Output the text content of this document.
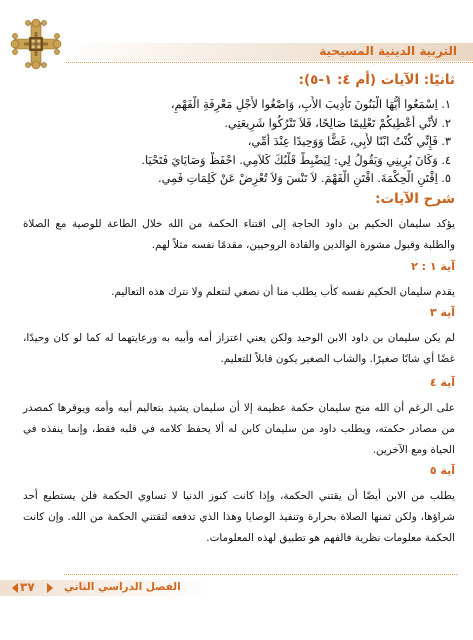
التربية الدينية المسيحية
ثانيًا: الآيات (أم ٤: ١-٥):
١. اِسْمَعُوا أَيُّهَا الْبَنُونَ تَأْدِيبَ الأَبِ، وَاصْغُوا لأَجْلِ مَعْرِفَةِ الْفَهْمِ،
٢. لأَنِّي أُعْطِيكُمْ تَعْلِيمًا صَالِحًا، فَلاَ تَتْرُكُوا شَرِيعَتِي.
٣. فَإِنِّي كُنْتُ ابْنًا لأَبِي، غَضًّا وَوَحِيدًا عِنْدَ أُمِّي،
٤. وَكَانَ يُرِينِي وَيَقُولُ لِي: لِيَضْبِطْ قَلْبُكَ كَلاَمِي. احْفَظْ وَصَايَايَ فَتَحْيَا.
٥. اِقْتَنِ الْحِكْمَةَ. اقْتَنِ الْفَهْمَ. لاَ تَنْسَ وَلاَ تُعْرِضْ عَنْ كَلِمَاتِ فَمِي.
شرح الآيات:
يؤكد سليمان الحكيم بن داود الحاجة إلى اقتناء الحكمة من الله خلال الطاعة للوصية مع الصلاة والطلبة وقبول مشورة الوالدين والقادة الروحيين، مقدمًا نفسه مثلاً لهم.
آية ١ : ٢
يقدم سليمان الحكيم نفسه كأب يطلب منا أن نصغي لنتعلم ولا نترك هذه التعاليم.
آية ٣
لم يكن سليمان بن داود الابن الوحيد ولكن يعني اعتزاز أمه وأبيه به ورعايتهما له كما لو كان وحيدًا، غضًا أي شابًا صغيرًا. والشاب الصغير يكون قابلاً للتعليم.
آية ٤
على الرغم أن الله منح سليمان حكمة عظيمة إلا أن سليمان يشيد بتعاليم أبيه وأمه ويوقرها كمصدر من مصادر حكمته، ويطلب داود من سليمان كابن له ألا يحفظ كلامه في قلبه فقط، وإنما ينفذه في الحياة ومع الآخرين.
آية ٥
يطلب من الابن أيضًا أن يقتني الحكمة، وإذا كانت كنوز الدنيا لا تساوي الحكمة فلن يستطيع أحد شراؤها، ولكن ثمنها الصلاة بحرارة وتنفيذ الوصايا وهذا الذي تدفعه لتقتني الحكمة من الله. وإن كانت الحكمة معلومات نظرية فالفهم هو تطبيق لهذه المعلومات.
٣٧	الفصل الدراسي الثاني
